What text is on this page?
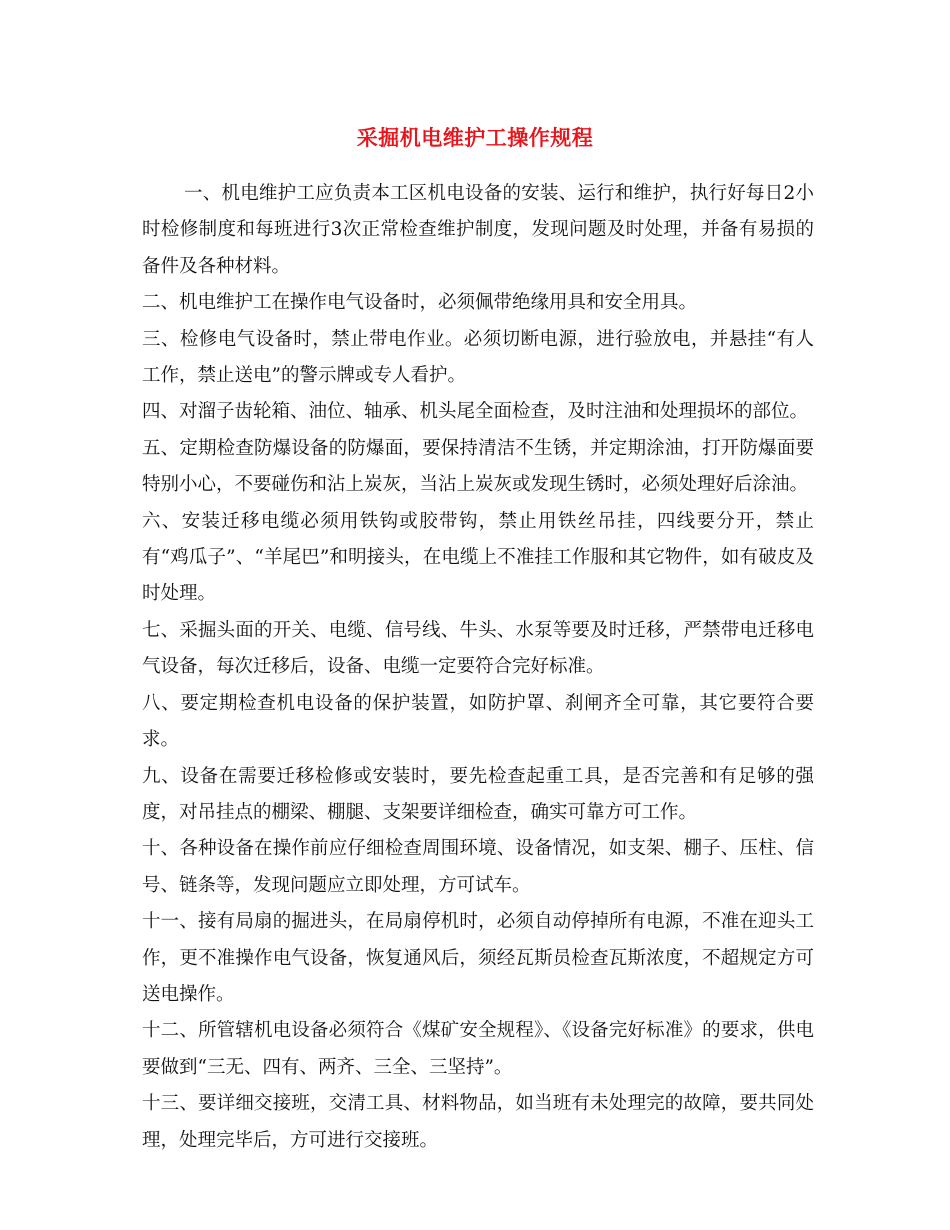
采掘机电维护工操作规程

一、机电维护工应负责本工区机电设备的安装、运行和维护，执行好每日2小时检修制度和每班进行3次正常检查维护制度，发现问题及时处理，并备有易损的备件及各种材料。

二、机电维护工在操作电气设备时，必须佩带绝缘用具和安全用具。

三、检修电气设备时，禁止带电作业。必须切断电源，进行验放电，并悬挂“有人工作，禁止送电”的警示牌或专人看护。

四、对溜子齿轮箱、油位、轴承、机头尾全面检查，及时注油和处理损坏的部位。

五、定期检查防爆设备的防爆面，要保持清洁不生锈，并定期涂油，打开防爆面要特别小心，不要碰伤和沾上炭灰，当沾上炭灰或发现生锈时，必须处理好后涂油。

六、安装迁移电缆必须用铁钩或胶带钩，禁止用铁丝吊挂，四线要分开，禁止有“鸡瓜子”、“羊尾巴”和明接头，在电缆上不准挂工作服和其它物件，如有破皮及时处理。

七、采掘头面的开关、电缆、信号线、牛头、水泵等要及时迁移，严禁带电迁移电气设备，每次迁移后，设备、电缆一定要符合完好标准。

八、要定期检查机电设备的保护装置，如防护罩、刹闸齐全可靠，其它要符合要求。

九、设备在需要迁移检修或安装时，要先检查起重工具，是否完善和有足够的强度，对吊挂点的棚梁、棚腿、支架要详细检查，确实可靠方可工作。

十、各种设备在操作前应仔细检查周围环境、设备情况，如支架、棚子、压柱、信号、链条等，发现问题应立即处理，方可试车。

十一、接有局扇的掘进头，在局扇停机时，必须自动停掉所有电源，不准在迎头工作，更不准操作电气设备，恢复通风后，须经瓦斯员检查瓦斯浓度，不超规定方可送电操作。

十二、所管辖机电设备必须符合《煤矿安全规程》、《设备完好标准》的要求，供电要做到“三无、四有、两齐、三全、三坚持”。

十三、要详细交接班，交清工具、材料物品，如当班有未处理完的故障，要共同处理，处理完毕后，方可进行交接班。
